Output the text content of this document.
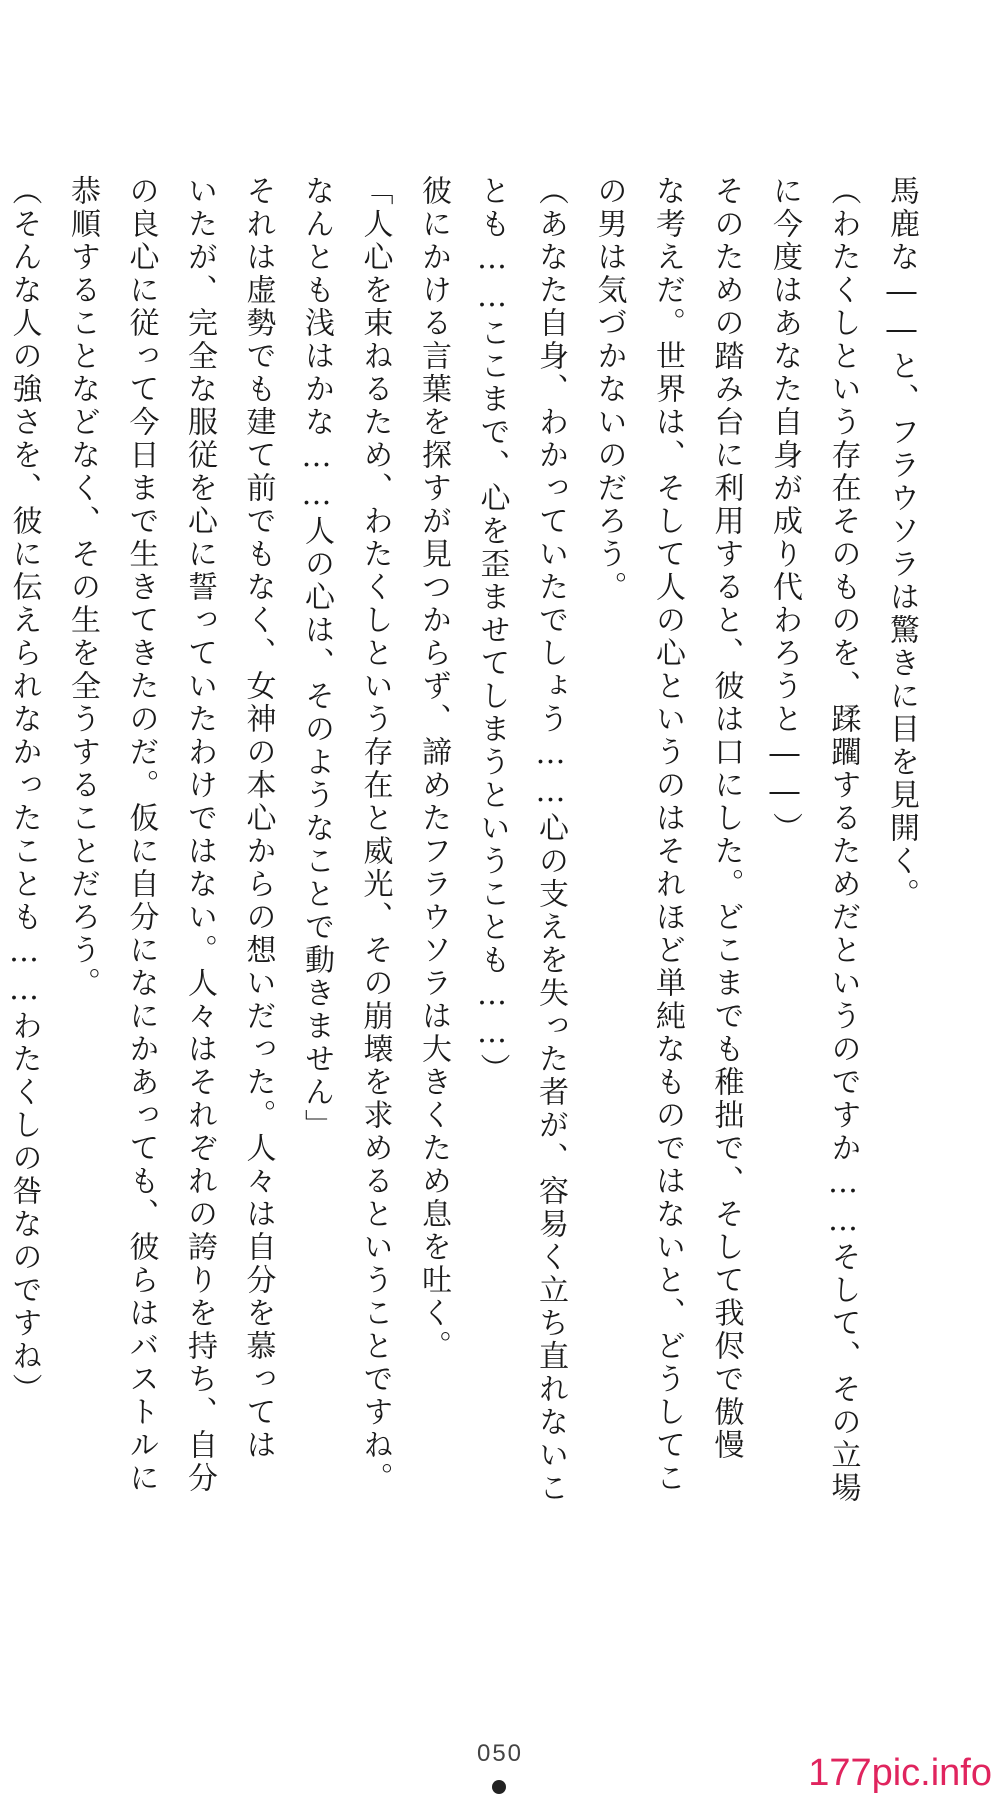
馬鹿な――と、フラウソラは驚きに目を見開く。
（わたくしという存在そのものを、蹂躙するためだというのですか……そして、その立場
に今度はあなた自身が成り代わろうと――）
そのための踏み台に利用すると、彼は口にした。どこまでも稚拙で、そして我侭で傲慢
な考えだ。世界は、そして人の心というのはそれほど単純なものではないと、どうしてこ
の男は気づかないのだろう。
（あなた自身、わかっていたでしょう……心の支えを失った者が、容易く立ち直れないこ
とも……ここまで、心を歪ませてしまうということも……）
彼にかける言葉を探すが見つからず、諦めたフラウソラは大きくため息を吐く。
「人心を束ねるため、わたくしという存在と威光、その崩壊を求めるということですね。
なんとも浅はかな……人の心は、そのようなことで動きません」
それは虚勢でも建て前でもなく、女神の本心からの想いだった。人々は自分を慕っては
いたが、完全な服従を心に誓っていたわけではない。人々はそれぞれの誇りを持ち、自分
の良心に従って今日まで生きてきたのだ。仮に自分になにかあっても、彼らはバストルに
恭順することなどなく、その生を全うすることだろう。
（そんな人の強さを、彼に伝えられなかったことも……わたくしの咎なのですね）
050	177pic.info
